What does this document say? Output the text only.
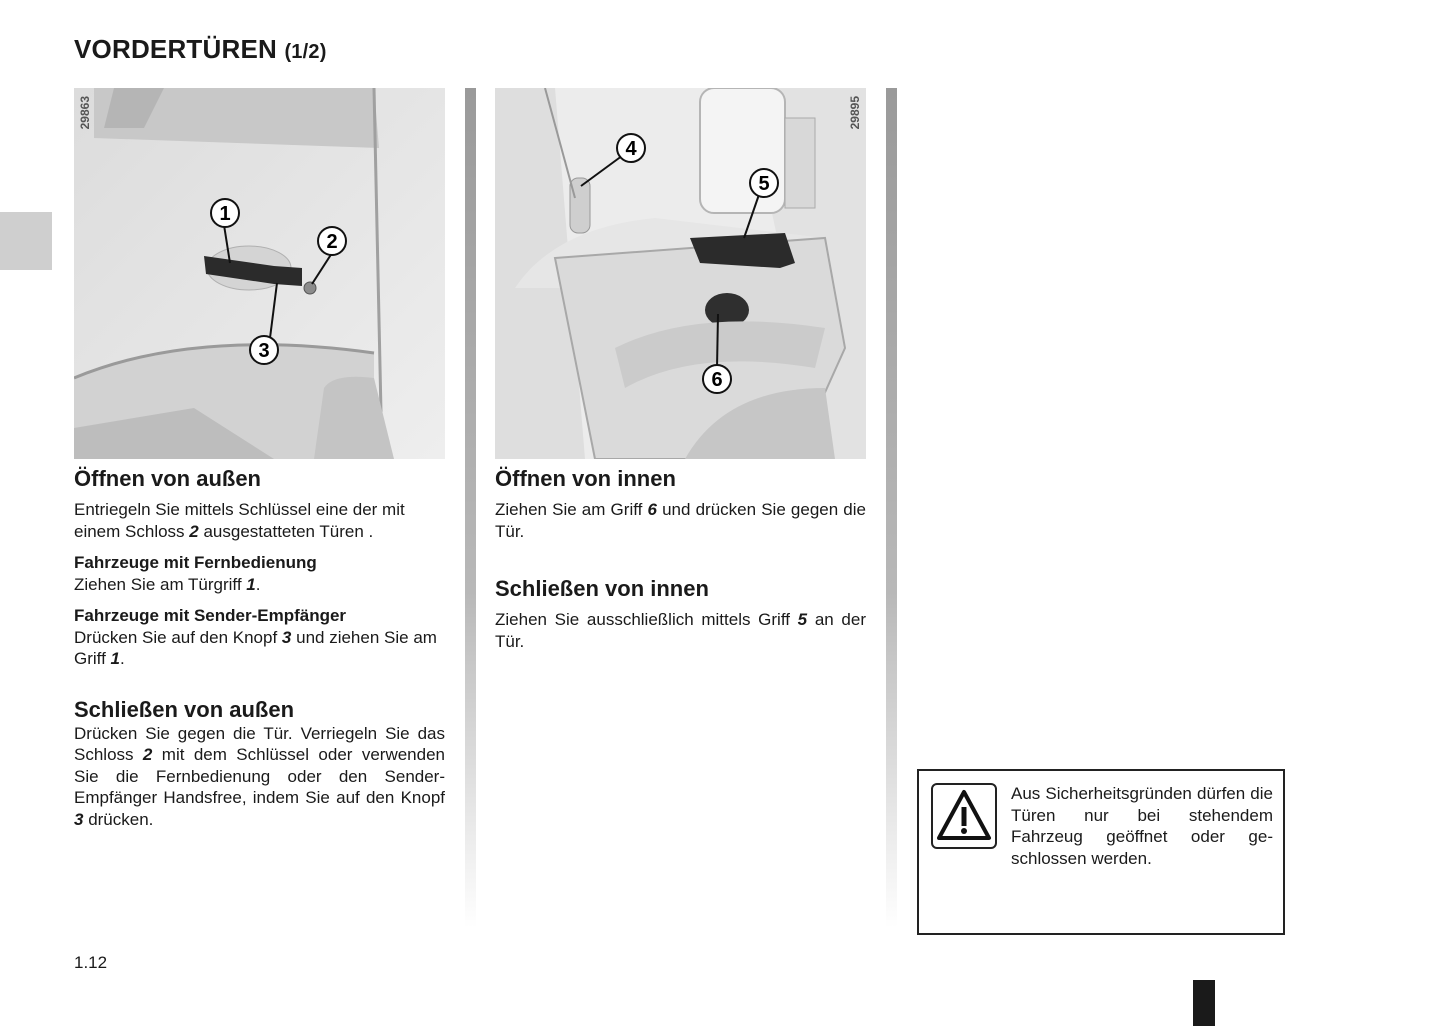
VORDERTÜREN (1/2)
1
2
3
29863
4
5
6
29895
Öffnen von außen

Entriegeln Sie mittels Schlüssel eine der mit einem Schloss 2 ausgestatteten Türen .

Fahrzeuge mit Fernbedienung
Ziehen Sie am Türgriff 1.

Fahrzeuge mit Sender-Empfänger
Drücken Sie auf den Knopf 3 und ziehen Sie am Griff 1.

Schließen von außen

Drücken Sie gegen die Tür. Verriegeln Sie das Schloss 2 mit dem Schlüssel oder verwenden Sie die Fernbedienung oder den Sender-Empfänger Handsfree, indem Sie auf den Knopf 3 drücken.

Öffnen von innen

Ziehen Sie am Griff 6 und drücken Sie gegen die Tür.

Schließen von innen

Ziehen Sie ausschließlich mittels Griff 5 an der Tür.

Aus Sicherheitsgründen dürfen die Türen nur bei stehendem Fahrzeug geöffnet oder geschlossen werden.
1.12
